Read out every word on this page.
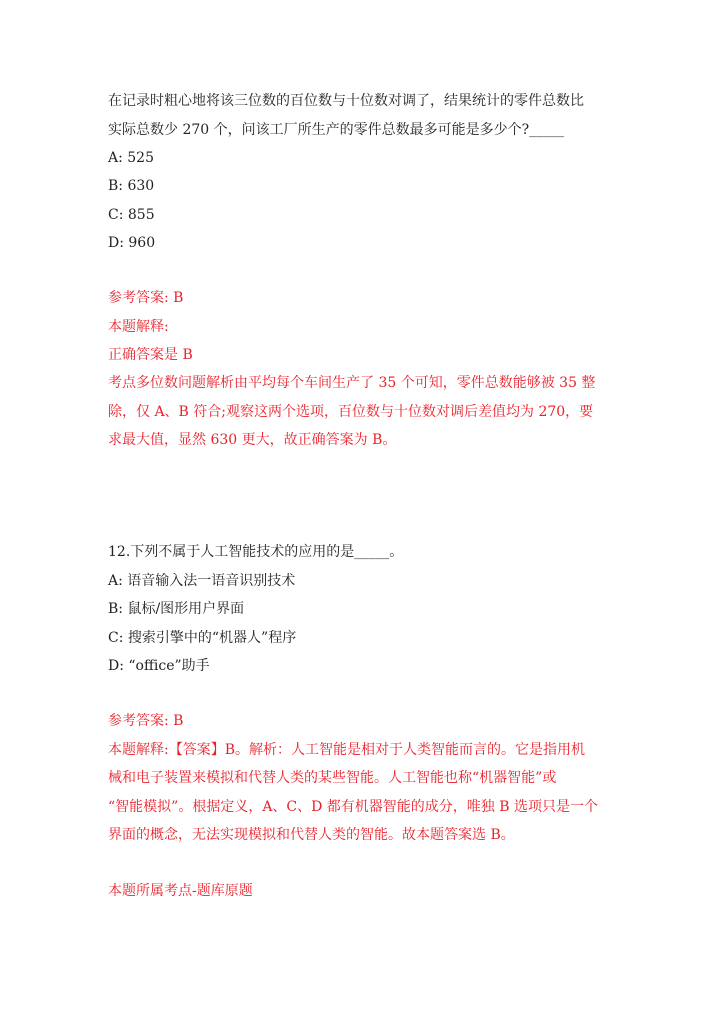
在记录时粗心地将该三位数的百位数与十位数对调了，结果统计的零件总数比
实际总数少 270 个，问该工厂所生产的零件总数最多可能是多少个?_____
A: 525
B: 630
C: 855
D: 960
参考答案: B
本题解释:
正确答案是 B
考点多位数问题解析由平均每个车间生产了 35 个可知，零件总数能够被 35 整
除，仅 A、B 符合;观察这两个选项，百位数与十位数对调后差值均为 270，要
求最大值，显然 630 更大，故正确答案为 B。
12.下列不属于人工智能技术的应用的是_____。
A: 语音输入法一语音识别技术
B: 鼠标/图形用户界面
C: 搜索引擎中的“机器人”程序
D: “office”助手
参考答案: B
本题解释:【答案】B。解析：人工智能是相对于人类智能而言的。它是指用机
械和电子装置来模拟和代替人类的某些智能。人工智能也称“机器智能”或
“智能模拟”。根据定义，A、C、D 都有机器智能的成分，唯独 B 选项只是一个
界面的概念，无法实现模拟和代替人类的智能。故本题答案选 B。
本题所属考点-题库原题
